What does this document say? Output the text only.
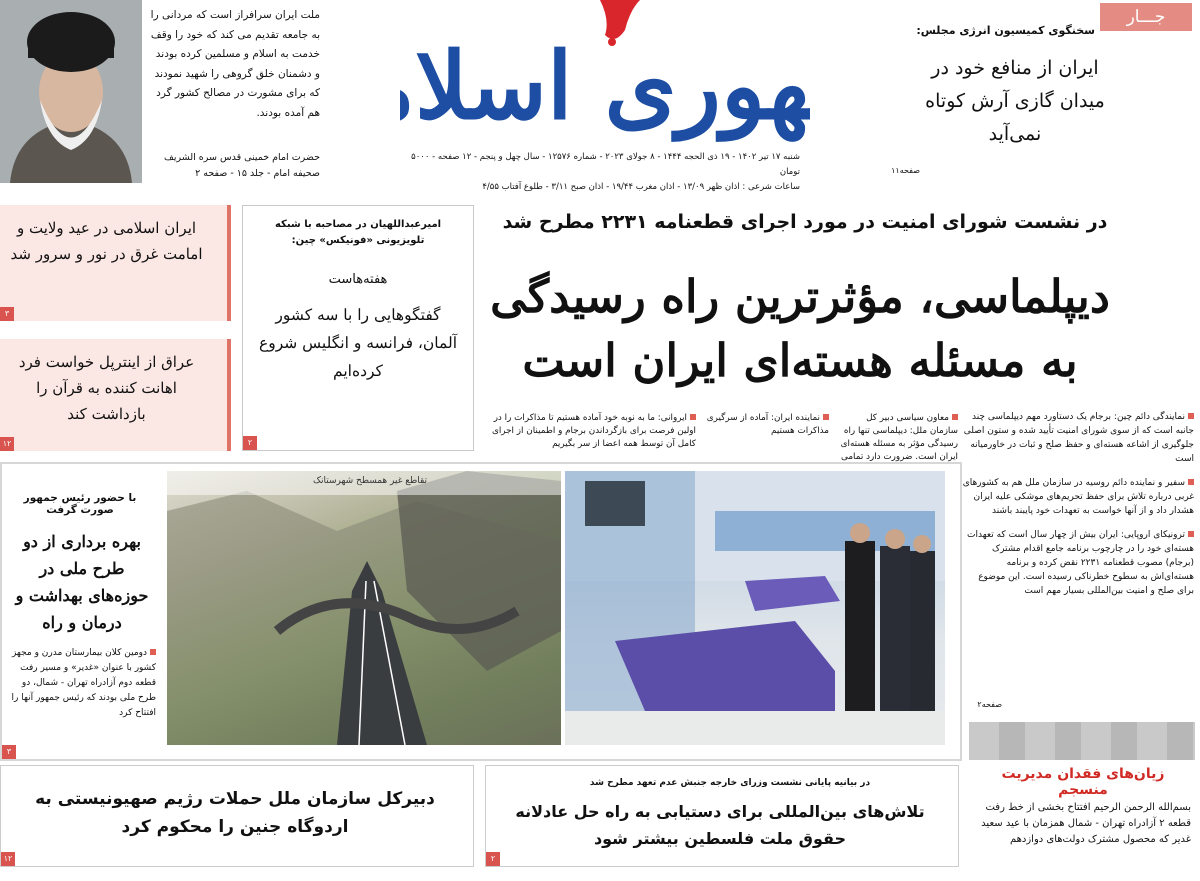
ملت ایران سرافراز است که مردانی را به جامعه تقدیم می کند که خود را وقف خدمت به اسلام و مسلمین کرده بودند و دشمنان خلق گروهی را شهید نمودند که برای مشورت در مصالح کشور گرد هم آمده بودند.
حضرت امام خمینی قدس سره الشریف
صحیفه امام - جلد ۱۵ - صفحه ۲
هوری اسلا
شنبه ۱۷ تیر ۱۴۰۲ - ۱۹ ذی الحجه ۱۴۴۴ - ۸ جولای ۲۰۲۳ - شماره ۱۲۵۷۶ - سال چهل و پنجم - ۱۲ صفحه - ۵۰۰۰ تومان
ساعات شرعی : اذان ظهر ۱۳/۰۹ - اذان مغرب ۱۹/۴۴ - اذان صبح ۳/۱۱ - طلوع آفتاب ۴/۵۵
جـــار
سخنگوی کمیسیون انرژی مجلس:
ایران از منافع خود در میدان گازی آرش کوتاه نمی‌آید
صفحه۱۱
ایران اسلامی در عید ولایت و امامت غرق در نور و سرور شد
۳
عراق از اینترپل خواست فرد اهانت کننده به قرآن را بازداشت کند
۱۲	۲
امیرعبداللهیان در مصاحبه با شبکه تلویزیونی «فونیکس» چین:
هفته‌هاست
گفتگوهایی را با سه کشور آلمان، فرانسه و انگلیس شروع کرده‌ایم
در نشست شورای امنیت در مورد اجرای قطعنامه ۲۲۳۱ مطرح شد
دیپلماسی، مؤثرترین راه رسیدگی به مسئله هسته‌ای ایران است
معاون سیاسی دبیر کل سازمان ملل: دیپلماسی تنها راه رسیدگی مؤثر به مسئله هسته‌ای ایران است. ضرورت دارد تمامی
نماینده ایران: آماده از سرگیری مذاکرات هستیم
ایروانی: ما به نوبه خود آماده هستیم تا مذاکرات را در اولین فرصت برای بازگرداندن برجام و اطمینان از اجرای کامل آن توسط همه اعضا از سر بگیریم
نمایندگی دائم چین: برجام یک دستاورد مهم دیپلماسی چند جانبه است که از سوی شورای امنیت تأیید شده و ستون اصلی جلوگیری از اشاعه هسته‌ای و حفظ صلح و ثبات در خاورمیانه است
سفیر و نماینده دائم روسیه در سازمان ملل هم به کشورهای غربی درباره تلاش برای حفظ تحریم‌های موشکی علیه ایران هشدار داد و از آنها خواست به تعهدات خود پایبند باشند
ترونیکای اروپایی: ایران بیش از چهار سال است که تعهدات هسته‌ای خود را در چارچوب برنامه جامع اقدام مشترک (برجام) مصوب قطعنامه ۲۲۳۱ نقض کرده و برنامه هسته‌ای‌اش به سطوح خطرناکی رسیده است. این موضوع برای صلح و امنیت بین‌المللی بسیار مهم است
صفحه۲
۳
تقاطع غیر همسطح شهرستانک
با حضور رئیس جمهور صورت گرفت
بهره برداری از دو طرح ملی در حوزه‌های بهداشت و درمان و راه
دومین کلان بیمارستان مدرن و مجهز کشور با عنوان «غدیر» و مسیر رفت قطعه دوم آزادراه تهران - شمال، دو طرح ملی بودند که رئیس جمهور آنها را افتتاح کرد
۱۲
دبیرکل سازمان ملل حملات رژیم صهیونیستی به اردوگاه جنین را محکوم کرد
۲
در بیانیه پایانی نشست وزرای خارجه جنبش عدم تعهد مطرح شد
تلاش‌های بین‌المللی برای دستیابی به راه حل عادلانه حقوق ملت فلسطین بیشتر شود
زیان‌های فقدان مدیریت منسجم
بسم‌الله الرحمن الرحیم افتتاح بخشی از خط رفت قطعه ۲ آزادراه تهران - شمال همزمان با عید سعید غدیر که محصول مشترک دولت‌های دوازدهم
